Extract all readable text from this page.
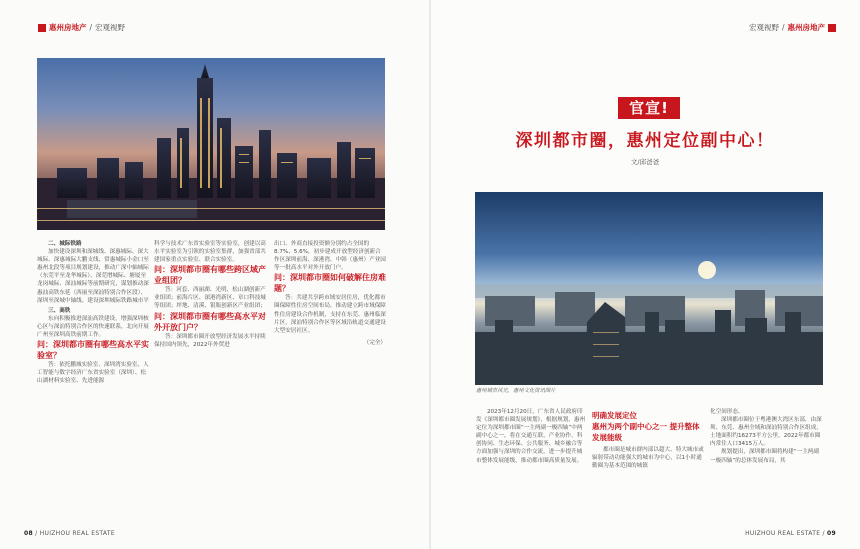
惠州房地产 / 宏观视野	宏观视野 / 惠州房地产
惠州城市风光，惠州文化资讯图片
官宣!
深圳都市圈，惠州定位副中心！
文/邱爸爸

二、城际铁路

加快建设深圳和深城线、深惠城际、深大城际、深惠城际大鹏支线、常惠城际小金口至惠州北段等项目规划建设，推动广深中轴城际（东莞平至龙华城际）、深莞增城际、塘厦至龙岗城际、深汕城际等前期研究，谋划推动深惠汕高铁东延（西丽至深汕特别合作区段）、深圳至深城中轴线、建设深圳城际铁路城市平

三、高铁

东向积极推进深汕高铁建设，增强深圳核心区与深汕特别合作区的快速联系，北向开展广州至深圳高铁前期工作。

问：深圳都市圈有哪些高水平实验室？

答：依托鹏城实验室、深圳湾实验室、人工智能与数字经济广东省实验室（深圳）、松山湖材料实验室、先进能源

科学与技术广东省实验室等实验室，创建以高水平实验室为引领的实验室集群，加强省部共建国家重点实验室、联合实验室。

问：深圳都市圈有哪些跨区域产业组团？

答：河套、西丽湖、光明、松山湖创新产业组团；前海片区、深港湾新区、章口科技城等组团；坪地、清溪、银瓶创新区产业组团；

问：深圳都市圈有哪些高水平对外开放门户？

答：深圳都市圈开放型经济发展水平持续保持国内领先，2022年外贸进

出口、外商直接投资额分别约占全国的8.7%、5.6%，初步建成开放型经济创新合作区深圳前海、深港湾，中韩（惠州）产业园等一批高水平对外开放门户。

问：深圳都市圈如何破解住房难题？

答：共建共享跨市域安居住房，优化都市圈保障性住房空间布局，推动建立跨市域保障性住房建设合作机制，支持在东莞、惠州临深片区，深汕特别合作区等区域沿轨道交通建设大型安居社区。

（完全）

2023年12月20日，广东省人民政府印发《深圳都市圈发展规划》，根据规划，惠州定位为深圳都市圈“一主两副一极四轴”中两副中心之一，将在交通互联、产业协作、科创协同、生态环保、公共服务、城乡融合等方面加强与深圳的合作交流，进一步提升城市整体发展能级，推动都市圈高质量发展。

明确发展定位
惠州为两个副中心之一 提升整体发展能级

都市圈是城市群内部以超大、特大城市或辐射带动功能强大的城市为中心，以1小时通勤圈为基本范围的城镇

化空间形态。

深圳都市圈位于粤港澳大湾区东部，由深圳、东莞、惠州全域和深汕特别合作区组成，土地面积约16273平方公里，2022年都市圈内常住人口3415万人。

规划提出，深圳都市圈将构建“一主两副一极四轴”的总体发展布局，其

08 / HUIZHOU REAL ESTATE	HUIZHOU REAL ESTATE / 09
